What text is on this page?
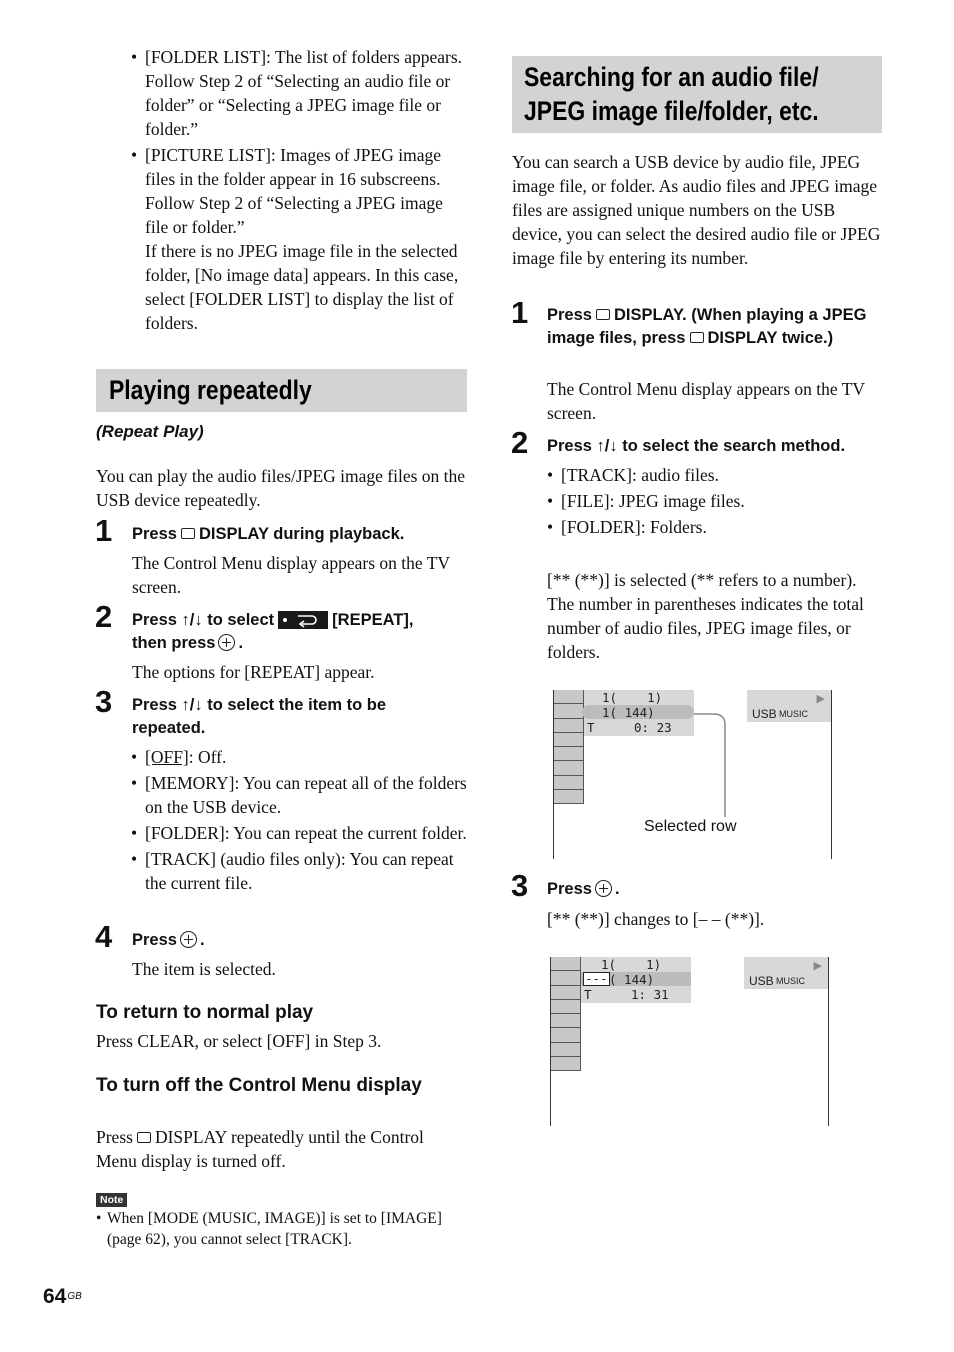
• [FOLDER LIST]: The list of folders appears. Follow Step 2 of “Selecting an audio file or folder” or “Selecting a JPEG image file or folder.”
• [PICTURE LIST]: Images of JPEG image files in the folder appear in 16 subscreens. Follow Step 2 of “Selecting a JPEG image file or folder.”
If there is no JPEG image file in the selected folder, [No image data] appears. In this case, select [FOLDER LIST] to display the list of folders.
Playing repeatedly
(Repeat Play)
You can play the audio files/JPEG image files on the USB device repeatedly.
1 Press DISPLAY during playback.
The Control Menu display appears on the TV screen.
2 Press ↑/↓ to select	[REPEAT],
then press .
The options for [REPEAT] appear.
3 Press ↑/↓ to select the item to be repeated.
• [OFF]: Off.
• [MEMORY]: You can repeat all of the folders on the USB device.
• [FOLDER]: You can repeat the current folder.
• [TRACK] (audio files only): You can repeat the current file.
4 Press .
The item is selected.
To return to normal play
Press CLEAR, or select [OFF] in Step 3.
To turn off the Control Menu display
Press DISPLAY repeatedly until the Control Menu display is turned off.
Note
• When [MODE (MUSIC, IMAGE)] is set to [IMAGE] (page 62), you cannot select [TRACK].
Searching for an audio file/
JPEG image file/folder, etc.
You can search a USB device by audio file, JPEG image file, or folder. As audio files and JPEG image files are assigned unique numbers on the USB device, you can select the desired audio file or JPEG image file by entering its number.
1 Press DISPLAY. (When playing a JPEG image files, press DISPLAY twice.)
The Control Menu display appears on the TV screen.
2 Press ↑/↓ to select the search method.
• [TRACK]: audio files.
• [FILE]: JPEG image files.
• [FOLDER]: Folders.
[** (**)] is selected (** refers to a number). The number in parentheses indicates the total number of audio files, JPEG image files, or folders.
1(    1)
1( 144)
T	0: 23
USB MUSIC
▶
Selected row
3 Press .
[** (**)] changes to [– – (**)].
1(    1)
--- ( 144)
T	1: 31
USB MUSIC
▶
$64^{GB}$
